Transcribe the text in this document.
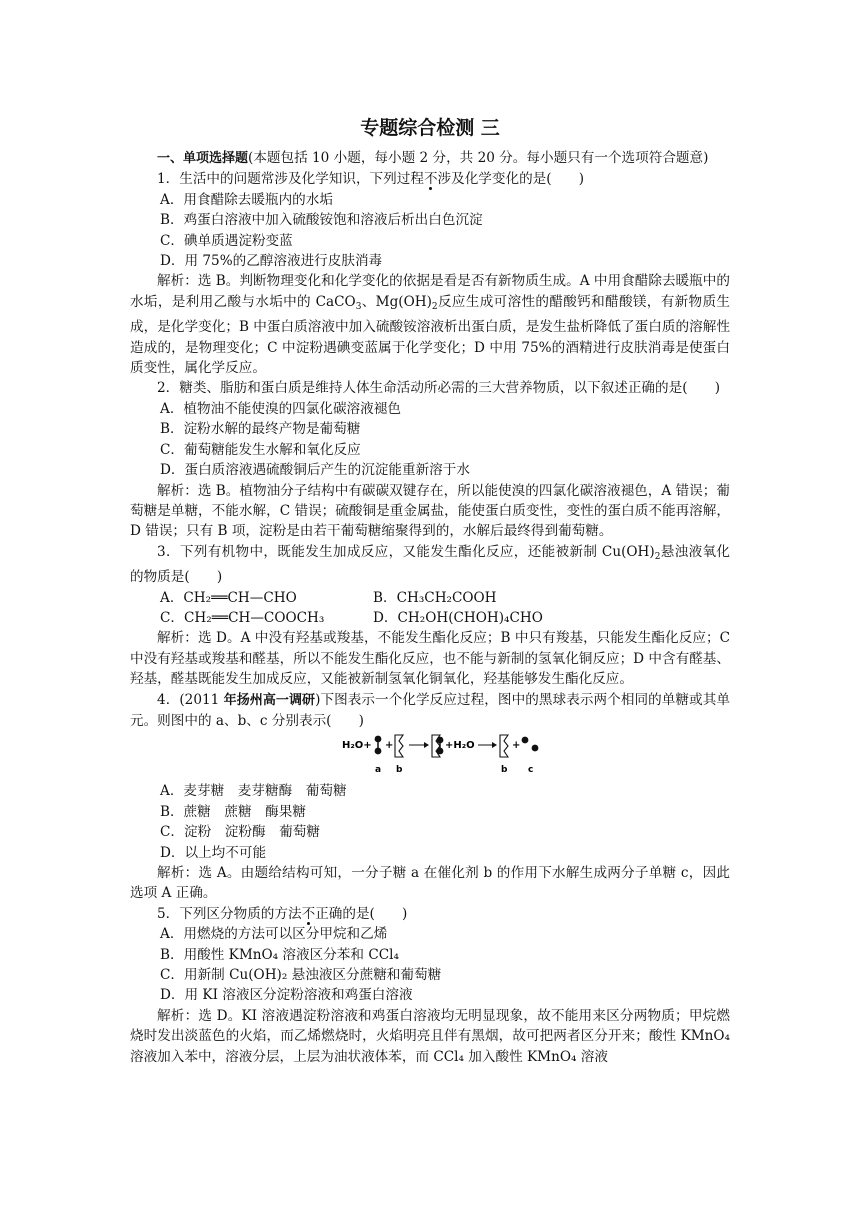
专题综合检测 三

一、单项选择题(本题包括 10 小题，每小题 2 分，共 20 分。每小题只有一个选项符合题意)

1．生活中的问题常涉及化学知识，下列过程不涉及化学变化的是(　　)

A．用食醋除去暖瓶内的水垢

B．鸡蛋白溶液中加入硫酸铵饱和溶液后析出白色沉淀

C．碘单质遇淀粉变蓝

D．用 75%的乙醇溶液进行皮肤消毒

解析：选 B。判断物理变化和化学变化的依据是看是否有新物质生成。A 中用食醋除去暖瓶中的水垢，是利用乙酸与水垢中的 CaCO$_3$、$Mg(OH)_2$反应生成可溶性的醋酸钙和醋酸镁，有新物质生成，是化学变化；B 中蛋白质溶液中加入硫酸铵溶液析出蛋白质，是发生盐析降低了蛋白质的溶解性造成的，是物理变化；C 中淀粉遇碘变蓝属于化学变化；D 中用 75%的酒精进行皮肤消毒是使蛋白质变性，属化学反应。

2．糖类、脂肪和蛋白质是维持人体生命活动所必需的三大营养物质，以下叙述正确的是(　　)

A．植物油不能使溴的四氯化碳溶液褪色

B．淀粉水解的最终产物是葡萄糖

C．葡萄糖能发生水解和氧化反应

D．蛋白质溶液遇硫酸铜后产生的沉淀能重新溶于水

解析：选 B。植物油分子结构中有碳碳双键存在，所以能使溴的四氯化碳溶液褪色，A 错误；葡萄糖是单糖，不能水解，C 错误；硫酸铜是重金属盐，能使蛋白质变性，变性的蛋白质不能再溶解，D 错误；只有 B 项，淀粉是由若干葡萄糖缩聚得到的，水解后最终得到葡萄糖。

3．下列有机物中，既能发生加成反应，又能发生酯化反应，还能被新制 $Cu(OH)_2$悬浊液氧化的物质是(　　)

A．CH₂══CH—CHO	B．CH₃CH₂COOH
C．CH₂══CH—COOCH₃	D．CH₂OH(CHOH)₄CHO

解析：选 D。A 中没有羟基或羧基，不能发生酯化反应；B 中只有羧基，只能发生酯化反应；C 中没有羟基或羧基和醛基，所以不能发生酯化反应，也不能与新制的氢氧化铜反应；D 中含有醛基、羟基，醛基既能发生加成反应，又能被新制氢氧化铜氧化，羟基能够发生酯化反应。

4．(2011 年扬州高一调研)下图表示一个化学反应过程，图中的黑球表示两个相同的单糖或其单元。则图中的 a、b、c 分别表示(　　)

H₂O+ +	+H₂O	+
a b	b c

A．麦芽糖　麦芽糖酶　葡萄糖

B．蔗糖　蔗糖　酶果糖

C．淀粉　淀粉酶　葡萄糖

D．以上均不可能

解析：选 A。由题给结构可知，一分子糖 a 在催化剂 b 的作用下水解生成两分子单糖 c，因此选项 A 正确。

5．下列区分物质的方法不正确的是(　　)

A．用燃烧的方法可以区分甲烷和乙烯

B．用酸性 KMnO₄ 溶液区分苯和 CCl₄

C．用新制 Cu(OH)₂ 悬浊液区分蔗糖和葡萄糖

D．用 KI 溶液区分淀粉溶液和鸡蛋白溶液

解析：选 D。KI 溶液遇淀粉溶液和鸡蛋白溶液均无明显现象，故不能用来区分两物质；甲烷燃烧时发出淡蓝色的火焰，而乙烯燃烧时，火焰明亮且伴有黑烟，故可把两者区分开来；酸性 KMnO₄ 溶液加入苯中，溶液分层，上层为油状液体苯，而 CCl₄ 加入酸性 KMnO₄ 溶液
